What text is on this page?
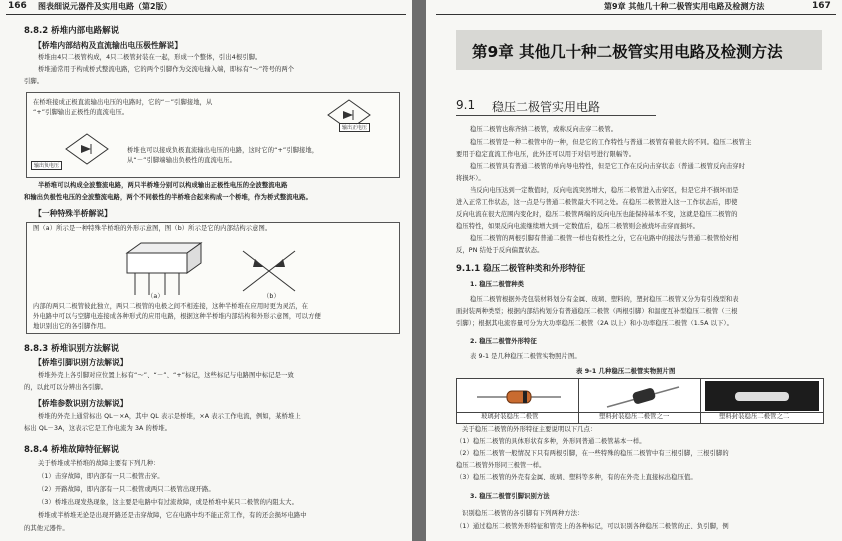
166 图表细说元器件及实用电路（第2版）
8.8.2 桥堆内部电路解说
【桥堆内部结构及直流输出电压极性解说】
桥堆由4只二极管构成，4只二极管封装在一起，形成一个整体，引出4根引脚。
桥堆通常用于构成桥式整流电路，它的两个引脚作为交流电输入端，即标有“～”符号的两个
引脚。
在桥堆接成正极直流输出电压的电路时，它的“－”引脚接地，从
“+”引脚输出正极性的直流电压。
桥堆也可以接成负极直流输出电压的电路，这时它的“+”引脚接地，
从“－”引脚端输出负极性的直流电压。
输出正电压
输出负电压
半桥堆可以构成全波整流电路，两只半桥堆分别可以构成输出正极性电压的全波整流电路
和输出负极性电压的全波整流电路，两个不同极性的半桥堆合起来构成一个桥堆，作为桥式整流电路。
【一种特殊半桥解说】
图（a）所示是一种特殊半桥堆的外形示意图，图（b）所示是它的内部结构示意图。
（a）	（b）
内部的两只二极管彼此独立，两只二极管的电极之间不相连接，这种半桥堆在应用时更为灵活，在
外电路中可以与空脚电连接成各种形式的应用电路，根据这种半桥堆内部结构和外形示意图，可以方便
地识别出它的各引脚作用。
8.8.3 桥堆识别方法解说
【桥堆引脚识别方法解说】
桥堆外壳上各引脚对应位置上标有“～”、“－”、“+”标记，这些标记与电路图中标记是一致
的，以此可以分辨出各引脚。
【桥堆参数识别方法解说】
桥堆的外壳上通常标出 QL－×A，其中 QL 表示是桥堆，×A 表示工作电流，例如，某桥堆上
标出 QL－3A，这表示它是工作电流为 3A 的桥堆。
8.8.4 桥堆故障特征解说
关于桥堆或半桥堆的故障主要有下列几种：
（1）击穿故障，即内部有一只二极管击穿。
（2）开路故障，即内部有一只二极管或两只二极管出现开路。
（3）桥堆出现发热现象，这主要是电路中有过流故障，或是桥堆中某只二极管的内阻太大。
桥堆或半桥堆无论是出现开路还是击穿故障，它在电路中均不能正常工作，有的还会损坏电路中
的其他元器件。
第9章 其他几十种二极管实用电路及检测方法	167
第9章 其他几十种二极管实用电路及检测方法
9.1 稳压二极管实用电路
稳压二极管也称齐纳二极管，或称反向击穿二极管。
稳压二极管是一种二极管中的一种，但是它的工作特性与普通二极管有着很大的不同。稳压二极管主
要用于稳定直流工作电压，此外还可以用于对信号进行限幅等。
稳压二极管具有普通二极管的单向导电特性，但是它工作在反向击穿状态（普通二极管反向击穿时
将损坏）。
当反向电压达到一定数值时，反向电流突然增大，稳压二极管进入击穿区，但是它并不损坏而是
进入正常工作状态，这一点是与普通二极管最大不同之处。在稳压二极管进入这一工作状态后，即使
反向电流在很大范围内变化时，稳压二极管两端的反向电压也能保持基本不变，这就是稳压二极管的
稳压特性，如果反向电流继续增大到一定数值后，稳压二极管则会被烧坏击穿而损坏。
稳压二极管的两根引脚有普通二极管一样也有极性之分，它在电路中的接法与普通二极管恰好相
反，PN 结处于反向偏置状态。
9.1.1 稳压二极管种类和外形特征
1. 稳压二极管种类
稳压二极管根据外壳包装材料划分有金属、玻璃、塑料的，塑封稳压二极管又分为有引线型和表
面封装两种类型；根据内部结构划分有普通稳压二极管（两根引脚）和温度互补型稳压二极管（三根
引脚）；根据其电流容量可分为大功率稳压二极管（2A 以上）和小功率稳压二极管（1.5A 以下）。
2. 稳压二极管外形特征
表 9-1 是几种稳压二极管实物照片图。
表 9-1 几种稳压二极管实物照片图
玻璃封装稳压二极管	塑料封装稳压二极管之一	塑料封装稳压二极管之二
关于稳压二极管的外形特征主要说明以下几点：
（1）稳压二极管的具体形状有多种，外形同普通二极管基本一样。
（2）稳压二极管一般情况下只有两根引脚，在一些特殊的稳压二极管中有三根引脚，三根引脚的
稳压二极管外形同三极管一样。
（3）稳压二极管的外壳有金属、玻璃、塑料等多种，有的在外壳上直接标出稳压值。
3. 稳压二极管引脚识别方法
识别稳压二极管的各引脚有下列两种方法：
（1）通过稳压二极管外形特征和管壳上的各种标记，可以识别各种稳压二极管的正、负引脚，例
